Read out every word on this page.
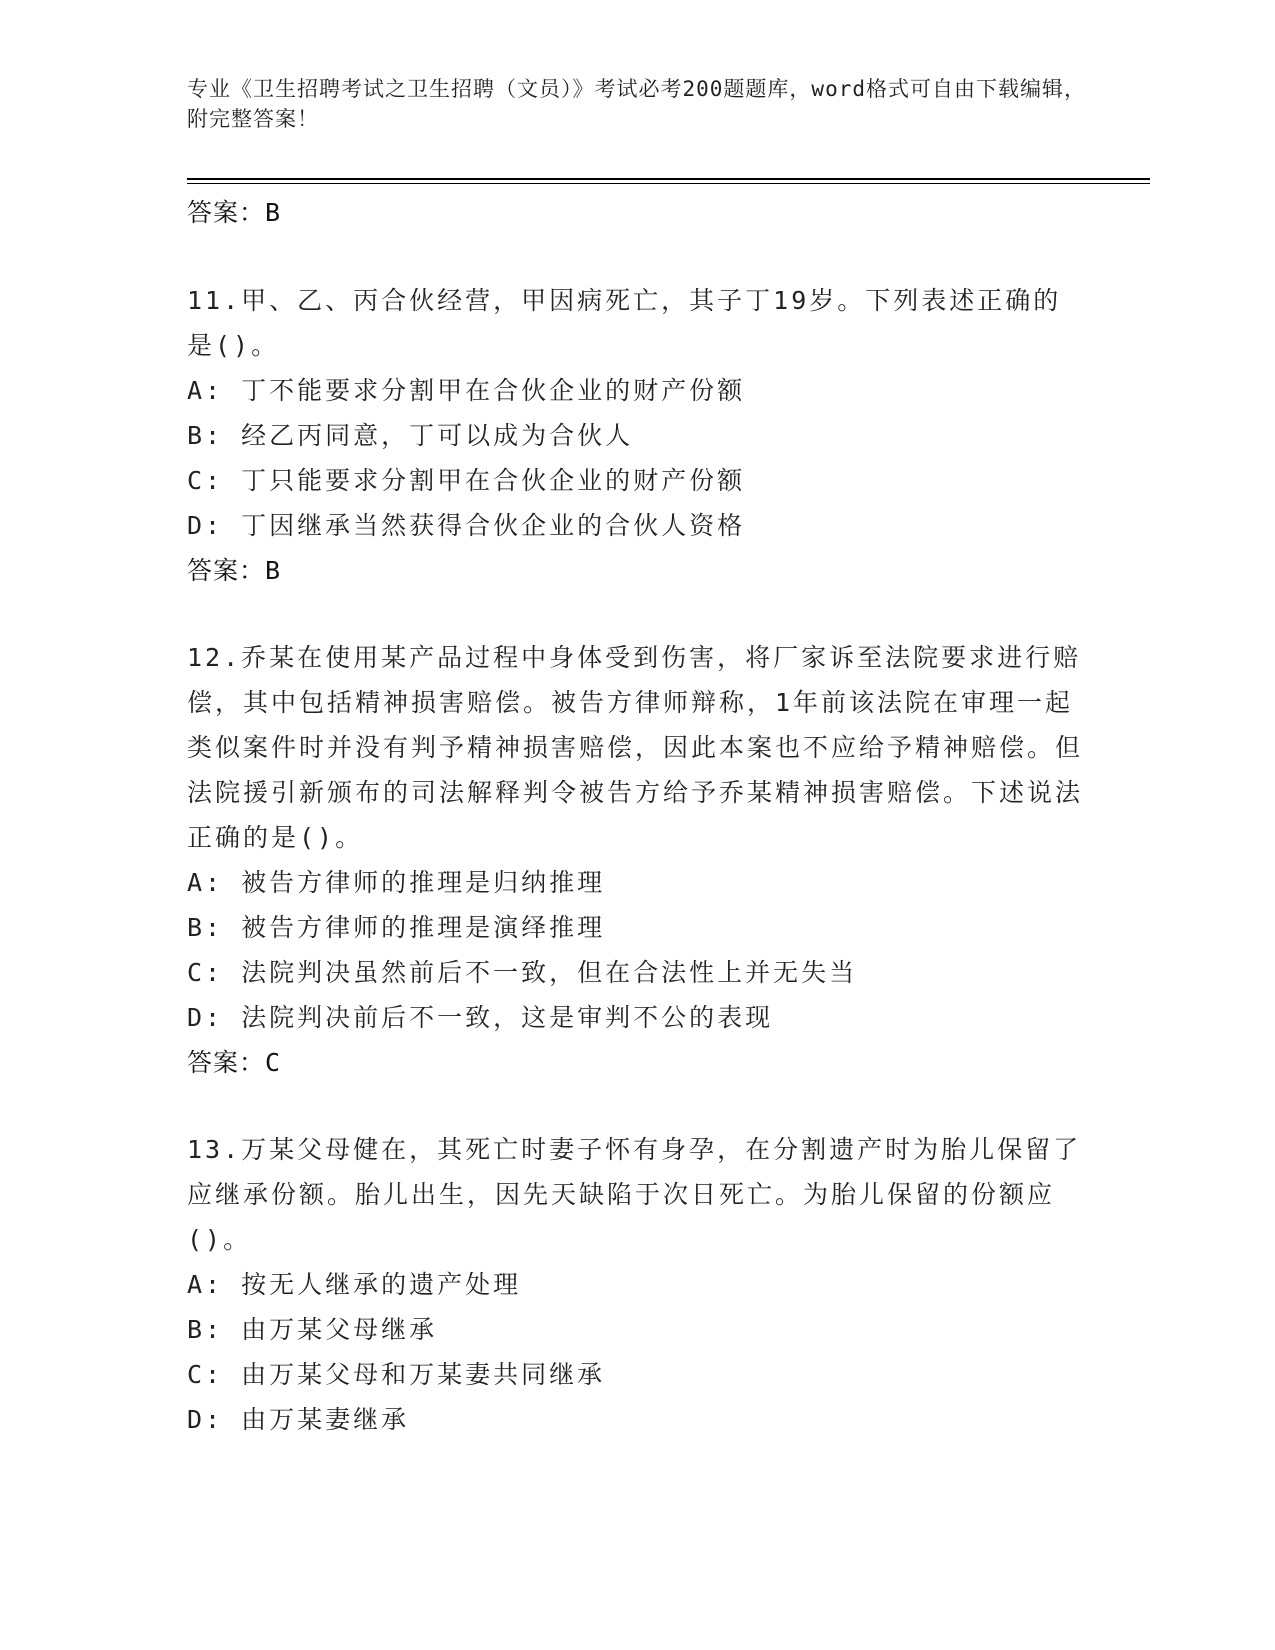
专业《卫生招聘考试之卫生招聘（文员）》考试必考200题题库，word格式可自由下载编辑，附完整答案！

答案：B

11.甲、乙、丙合伙经营，甲因病死亡，其子丁19岁。下列表述正确的是()。

A: 丁不能要求分割甲在合伙企业的财产份额

B: 经乙丙同意，丁可以成为合伙人

C: 丁只能要求分割甲在合伙企业的财产份额

D: 丁因继承当然获得合伙企业的合伙人资格

答案：B

12.乔某在使用某产品过程中身体受到伤害，将厂家诉至法院要求进行赔偿，其中包括精神损害赔偿。被告方律师辩称，1年前该法院在审理一起类似案件时并没有判予精神损害赔偿，因此本案也不应给予精神赔偿。但法院援引新颁布的司法解释判令被告方给予乔某精神损害赔偿。下述说法正确的是()。

A: 被告方律师的推理是归纳推理

B: 被告方律师的推理是演绎推理

C: 法院判决虽然前后不一致，但在合法性上并无失当

D: 法院判决前后不一致，这是审判不公的表现

答案：C

13.万某父母健在，其死亡时妻子怀有身孕，在分割遗产时为胎儿保留了应继承份额。胎儿出生，因先天缺陷于次日死亡。为胎儿保留的份额应()。

A: 按无人继承的遗产处理

B: 由万某父母继承

C: 由万某父母和万某妻共同继承

D: 由万某妻继承
